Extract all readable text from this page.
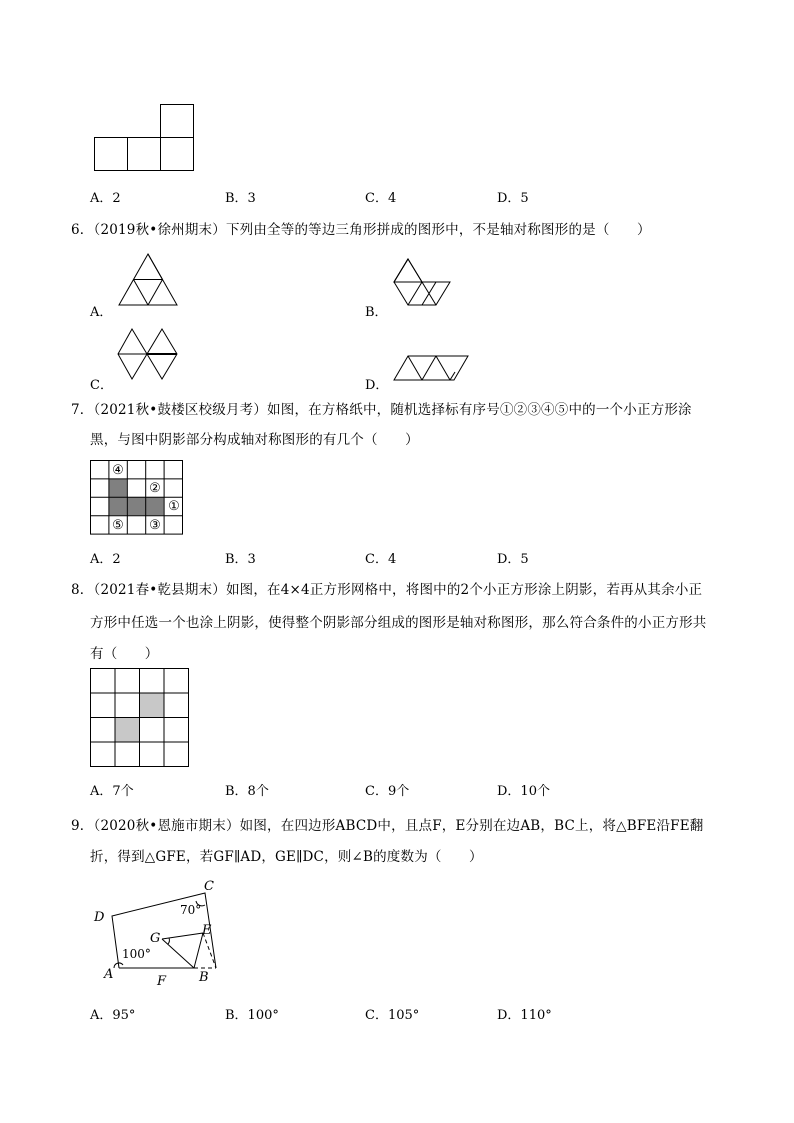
A．2	B．3	C．4	D．5
6．（2019秋•徐州期末）下列由全等的等边三角形拼成的图形中，不是轴对称图形的是（　　）
A．	B．
C．	D．
7．（2021秋•鼓楼区校级月考）如图，在方格纸中，随机选择标有序号①②③④⑤中的一个小正方形涂
黑，与图中阴影部分构成轴对称图形的有几个（　　）
④
②
①
⑤ ③
A．2	B．3	C．4	D．5
8．（2021春•乾县期末）如图，在4×4正方形网格中，将图中的2个小正方形涂上阴影，若再从其余小正
方形中任选一个也涂上阴影，使得整个阴影部分组成的图形是轴对称图形，那么符合条件的小正方形共
有（　　）
A．7个	B．8个	C．9个	D．10个
9．（2020秋•恩施市期末）如图，在四边形ABCD中，且点F，E分别在边AB，BC上，将△BFE沿FE翻
折，得到△GFE，若GF∥AD，GE∥DC，则∠B的度数为（　　）
A	B
C
D
E
F
G
100°
70°
A．95°	B．100°	C．105°	D．110°
